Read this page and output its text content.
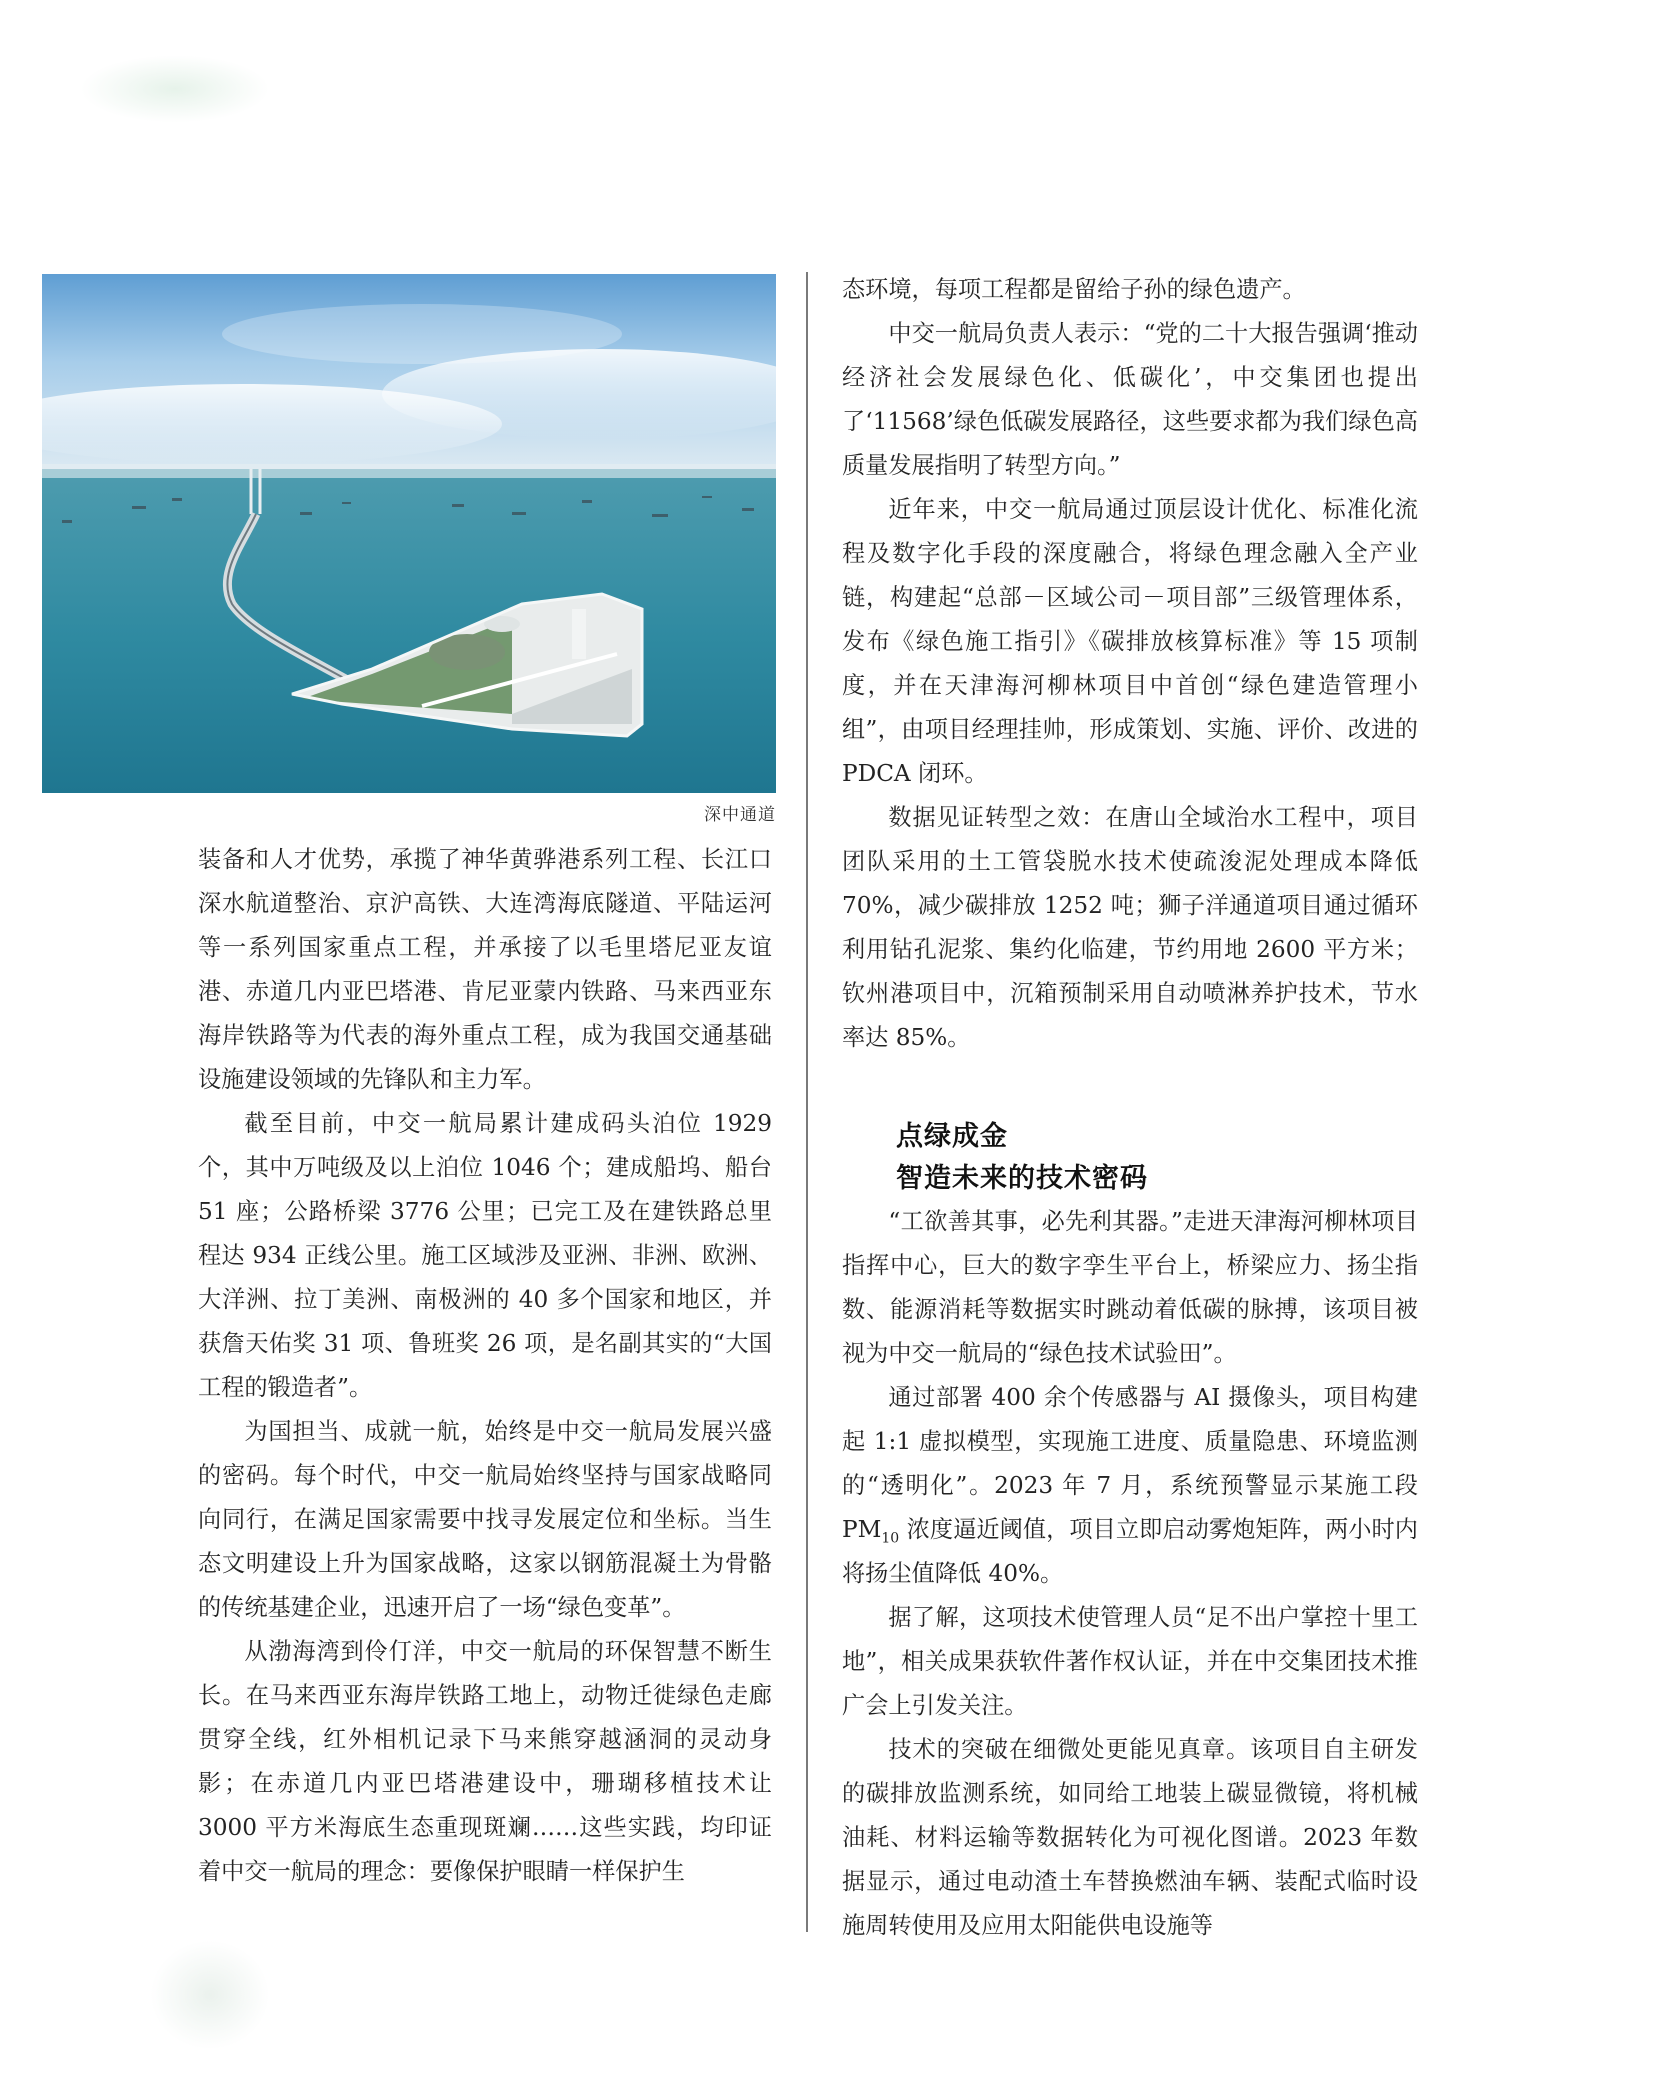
深中通道

装备和人才优势，承揽了神华黄骅港系列工程、长江口深水航道整治、京沪高铁、大连湾海底隧道、平陆运河等一系列国家重点工程，并承接了以毛里塔尼亚友谊港、赤道几内亚巴塔港、肯尼亚蒙内铁路、马来西亚东海岸铁路等为代表的海外重点工程，成为我国交通基础设施建设领域的先锋队和主力军。

截至目前，中交一航局累计建成码头泊位 1929 个，其中万吨级及以上泊位 1046 个；建成船坞、船台 51 座；公路桥梁 3776 公里；已完工及在建铁路总里程达 934 正线公里。施工区域涉及亚洲、非洲、欧洲、大洋洲、拉丁美洲、南极洲的 40 多个国家和地区，并获詹天佑奖 31 项、鲁班奖 26 项，是名副其实的“大国工程的锻造者”。

为国担当、成就一航，始终是中交一航局发展兴盛的密码。每个时代，中交一航局始终坚持与国家战略同向同行，在满足国家需要中找寻发展定位和坐标。当生态文明建设上升为国家战略，这家以钢筋混凝土为骨骼的传统基建企业，迅速开启了一场“绿色变革”。

从渤海湾到伶仃洋，中交一航局的环保智慧不断生长。在马来西亚东海岸铁路工地上，动物迁徙绿色走廊贯穿全线，红外相机记录下马来熊穿越涵洞的灵动身影；在赤道几内亚巴塔港建设中，珊瑚移植技术让 3000 平方米海底生态重现斑斓……这些实践，均印证着中交一航局的理念：要像保护眼睛一样保护生

态环境，每项工程都是留给子孙的绿色遗产。

中交一航局负责人表示：“党的二十大报告强调‘推动经济社会发展绿色化、低碳化’，中交集团也提出了‘11568’绿色低碳发展路径，这些要求都为我们绿色高质量发展指明了转型方向。”

近年来，中交一航局通过顶层设计优化、标准化流程及数字化手段的深度融合，将绿色理念融入全产业链，构建起“总部－区域公司－项目部”三级管理体系，发布《绿色施工指引》《碳排放核算标准》等 15 项制度，并在天津海河柳林项目中首创“绿色建造管理小组”，由项目经理挂帅，形成策划、实施、评价、改进的 PDCA 闭环。

数据见证转型之效：在唐山全域治水工程中，项目团队采用的土工管袋脱水技术使疏浚泥处理成本降低 70%，减少碳排放 1252 吨；狮子洋通道项目通过循环利用钻孔泥浆、集约化临建，节约用地 2600 平方米；钦州港项目中，沉箱预制采用自动喷淋养护技术，节水率达 85%。

点绿成金

智造未来的技术密码

“工欲善其事，必先利其器。”走进天津海河柳林项目指挥中心，巨大的数字孪生平台上，桥梁应力、扬尘指数、能源消耗等数据实时跳动着低碳的脉搏，该项目被视为中交一航局的“绿色技术试验田”。

通过部署 400 余个传感器与 AI 摄像头，项目构建起 1:1 虚拟模型，实现施工进度、质量隐患、环境监测的“透明化”。2023 年 7 月，系统预警显示某施工段 $PM_{10}$ 浓度逼近阈值，项目立即启动雾炮矩阵，两小时内将扬尘值降低 40%。

据了解，这项技术使管理人员“足不出户掌控十里工地”，相关成果获软件著作权认证，并在中交集团技术推广会上引发关注。

技术的突破在细微处更能见真章。该项目自主研发的碳排放监测系统，如同给工地装上碳显微镜，将机械油耗、材料运输等数据转化为可视化图谱。2023 年数据显示，通过电动渣土车替换燃油车辆、装配式临时设施周转使用及应用太阳能供电设施等
